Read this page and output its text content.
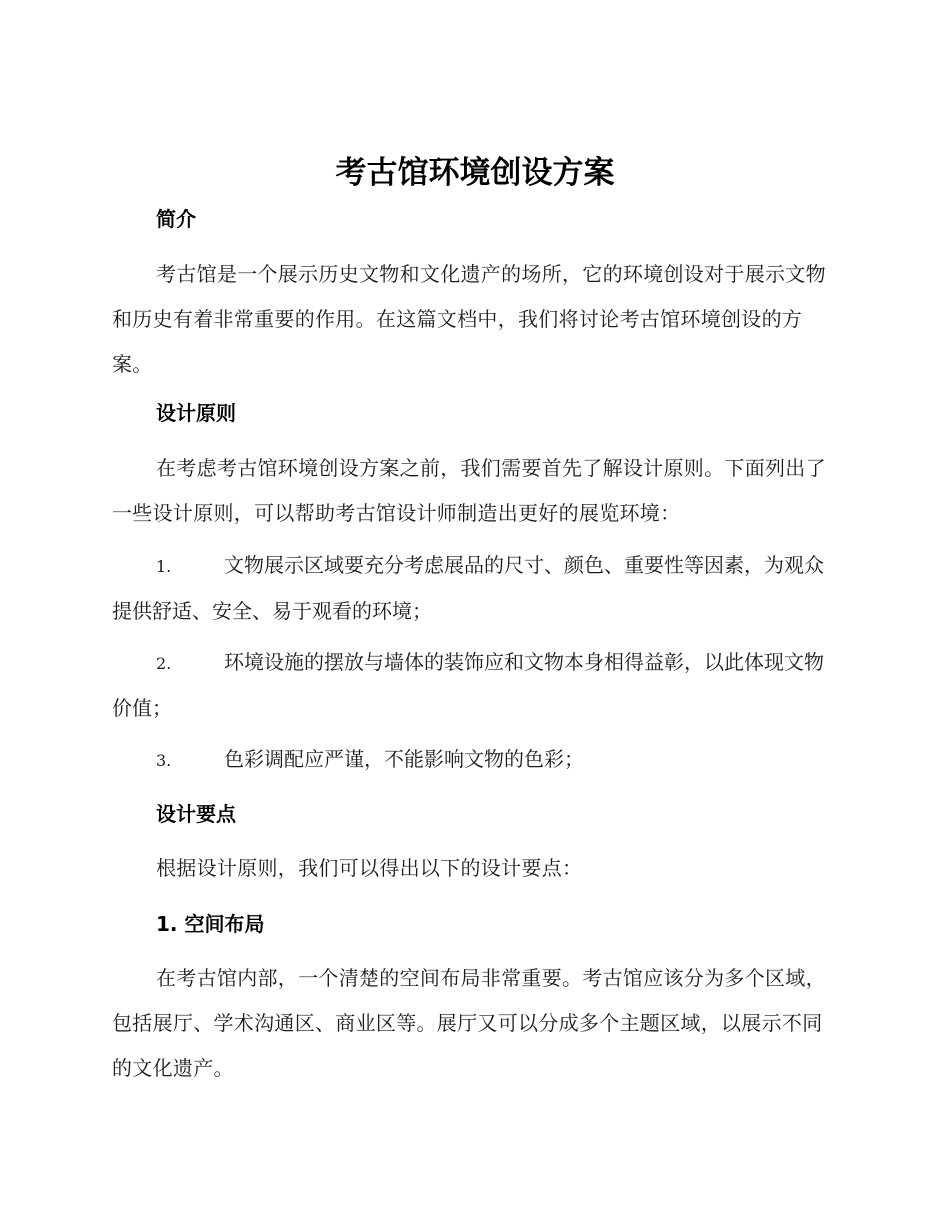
考古馆环境创设方案
简介

考古馆是一个展示历史文物和文化遗产的场所，它的环境创设对于展示文物和历史有着非常重要的作用。在这篇文档中，我们将讨论考古馆环境创设的方案。

设计原则

在考虑考古馆环境创设方案之前，我们需要首先了解设计原则。下面列出了一些设计原则，可以帮助考古馆设计师制造出更好的展览环境：

1.	文物展示区域要充分考虑展品的尺寸、颜色、重要性等因素，为观众提供舒适、安全、易于观看的环境；

2.	环境设施的摆放与墙体的装饰应和文物本身相得益彰，以此体现文物价值；

3.	色彩调配应严谨，不能影响文物的色彩；

设计要点

根据设计原则，我们可以得出以下的设计要点：

1. 空间布局

在考古馆内部，一个清楚的空间布局非常重要。考古馆应该分为多个区域，包括展厅、学术沟通区、商业区等。展厅又可以分成多个主题区域，以展示不同的文化遗产。
